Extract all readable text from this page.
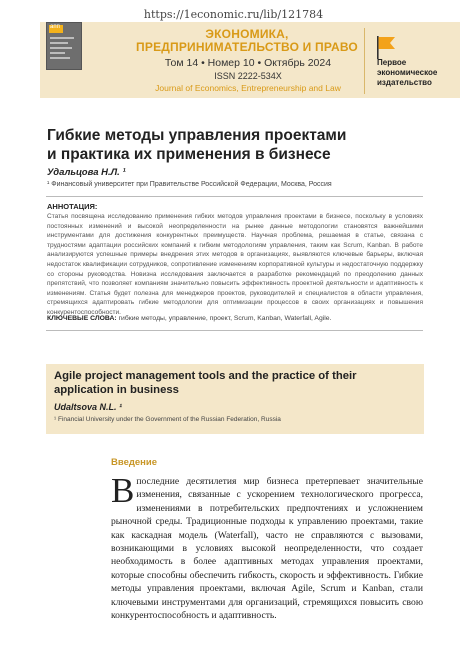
https://1economic.ru/lib/121784
апп	ЭКОНОМИКА,
ПРЕДПРИНИМАТЕЛЬСТВО И ПРАВО
Том 14 • Номер 10 • Октябрь 2024
ISSN 2222-534X
Journal of Economics, Entrepreneurship and Law
Первое экономическое издательство
Гибкие методы управления проектами
и практика их применения в бизнесе
Удальцова Н.Л. ¹
¹ Финансовый университет при Правительстве Российской Федерации, Москва, Россия
АННОТАЦИЯ:

Статья посвящена исследованию применения гибких методов управления проектами в бизнесе, поскольку в условиях постоянных изменений и высокой неопределенности на рынке данные методологии становятся важнейшими инструментами для достижения конкурентных преимуществ. Научная проблема, решаемая в статье, связана с трудностями адаптации российских компаний к гибким методологиям управления, таким как Scrum, Kanban. В работе анализируются успешные примеры внедрения этих методов в организациях, выявляются ключевые барьеры, включая недостаток квалификации сотрудников, сопротивление изменениям корпоративной культуры и недостаточную поддержку со стороны руководства. Новизна исследования заключается в разработке рекомендаций по преодолению данных препятствий, что позволяет компаниям значительно повысить эффективность проектной деятельности и адаптивность к изменениям. Статья будет полезна для менеджеров проектов, руководителей и специалистов в области управления, стремящихся адаптировать гибкие методологии для оптимизации процессов в своих организациях и повышения конкурентоспособности.

КЛЮЧЕВЫЕ СЛОВА: гибкие методы, управление, проект, Scrum, Kanban, Waterfall, Agile.

Agile project management tools and the practice of their application in business

Udaltsova N.L. ¹
¹ Financial University under the Government of the Russian Federation, Russia
Введение

Впоследние десятилетия мир бизнеса претерпевает значительные изменения, связанные с ускорением технологического прогресса, изменениями в потребительских предпочтениях и усложнением рыночной среды. Традиционные подходы к управлению проектами, такие как каскадная модель (Waterfall), часто не справляются с вызовами, возникающими в условиях высокой неопределенности, что создает необходимость в более адаптивных методах управления проектами, которые способны обеспечить гибкость, скорость и эффективность. Гибкие методы управления проектами, включая Agile, Scrum и Kanban, стали ключевыми инструментами для организаций, стремящихся повысить свою конкурентоспособность и адаптивность.
